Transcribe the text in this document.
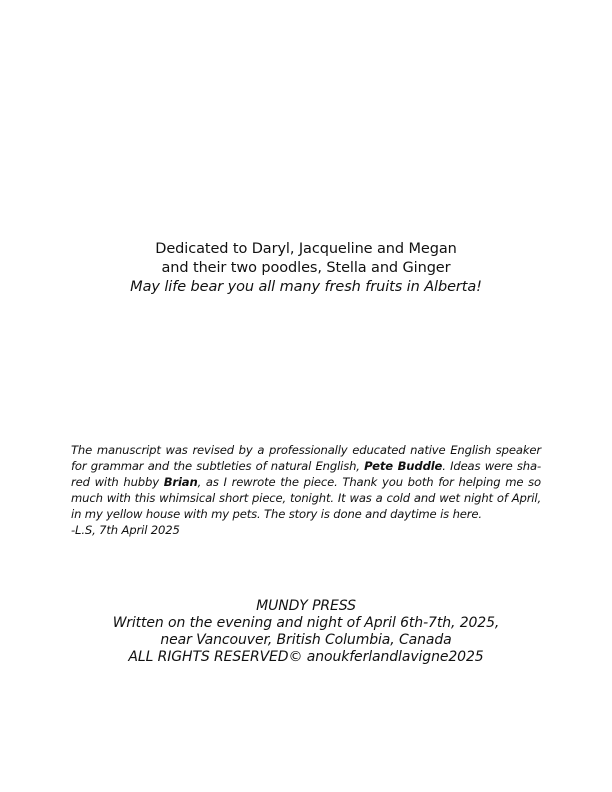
Dedicated to Daryl, Jacqueline and Megan
and their two poodles, Stella and Ginger
May life bear you all many fresh fruits in Alberta!
The manuscript was revised by a professionally educated native English speaker for grammar and the subtleties of natural English, Pete Buddle. Ideas were sha-red with hubby Brian, as I rewrote the piece. Thank you both for helping me so much with this whimsical short piece, tonight. It was a cold and wet night of April, in my yellow house with my pets. The story is done and daytime is here.
-L.S, 7th April 2025
MUNDY PRESS
Written on the evening and night of April 6th-7th, 2025,
near Vancouver, British Columbia, Canada
ALL RIGHTS RESERVED© anoukferlandlavigne2025
